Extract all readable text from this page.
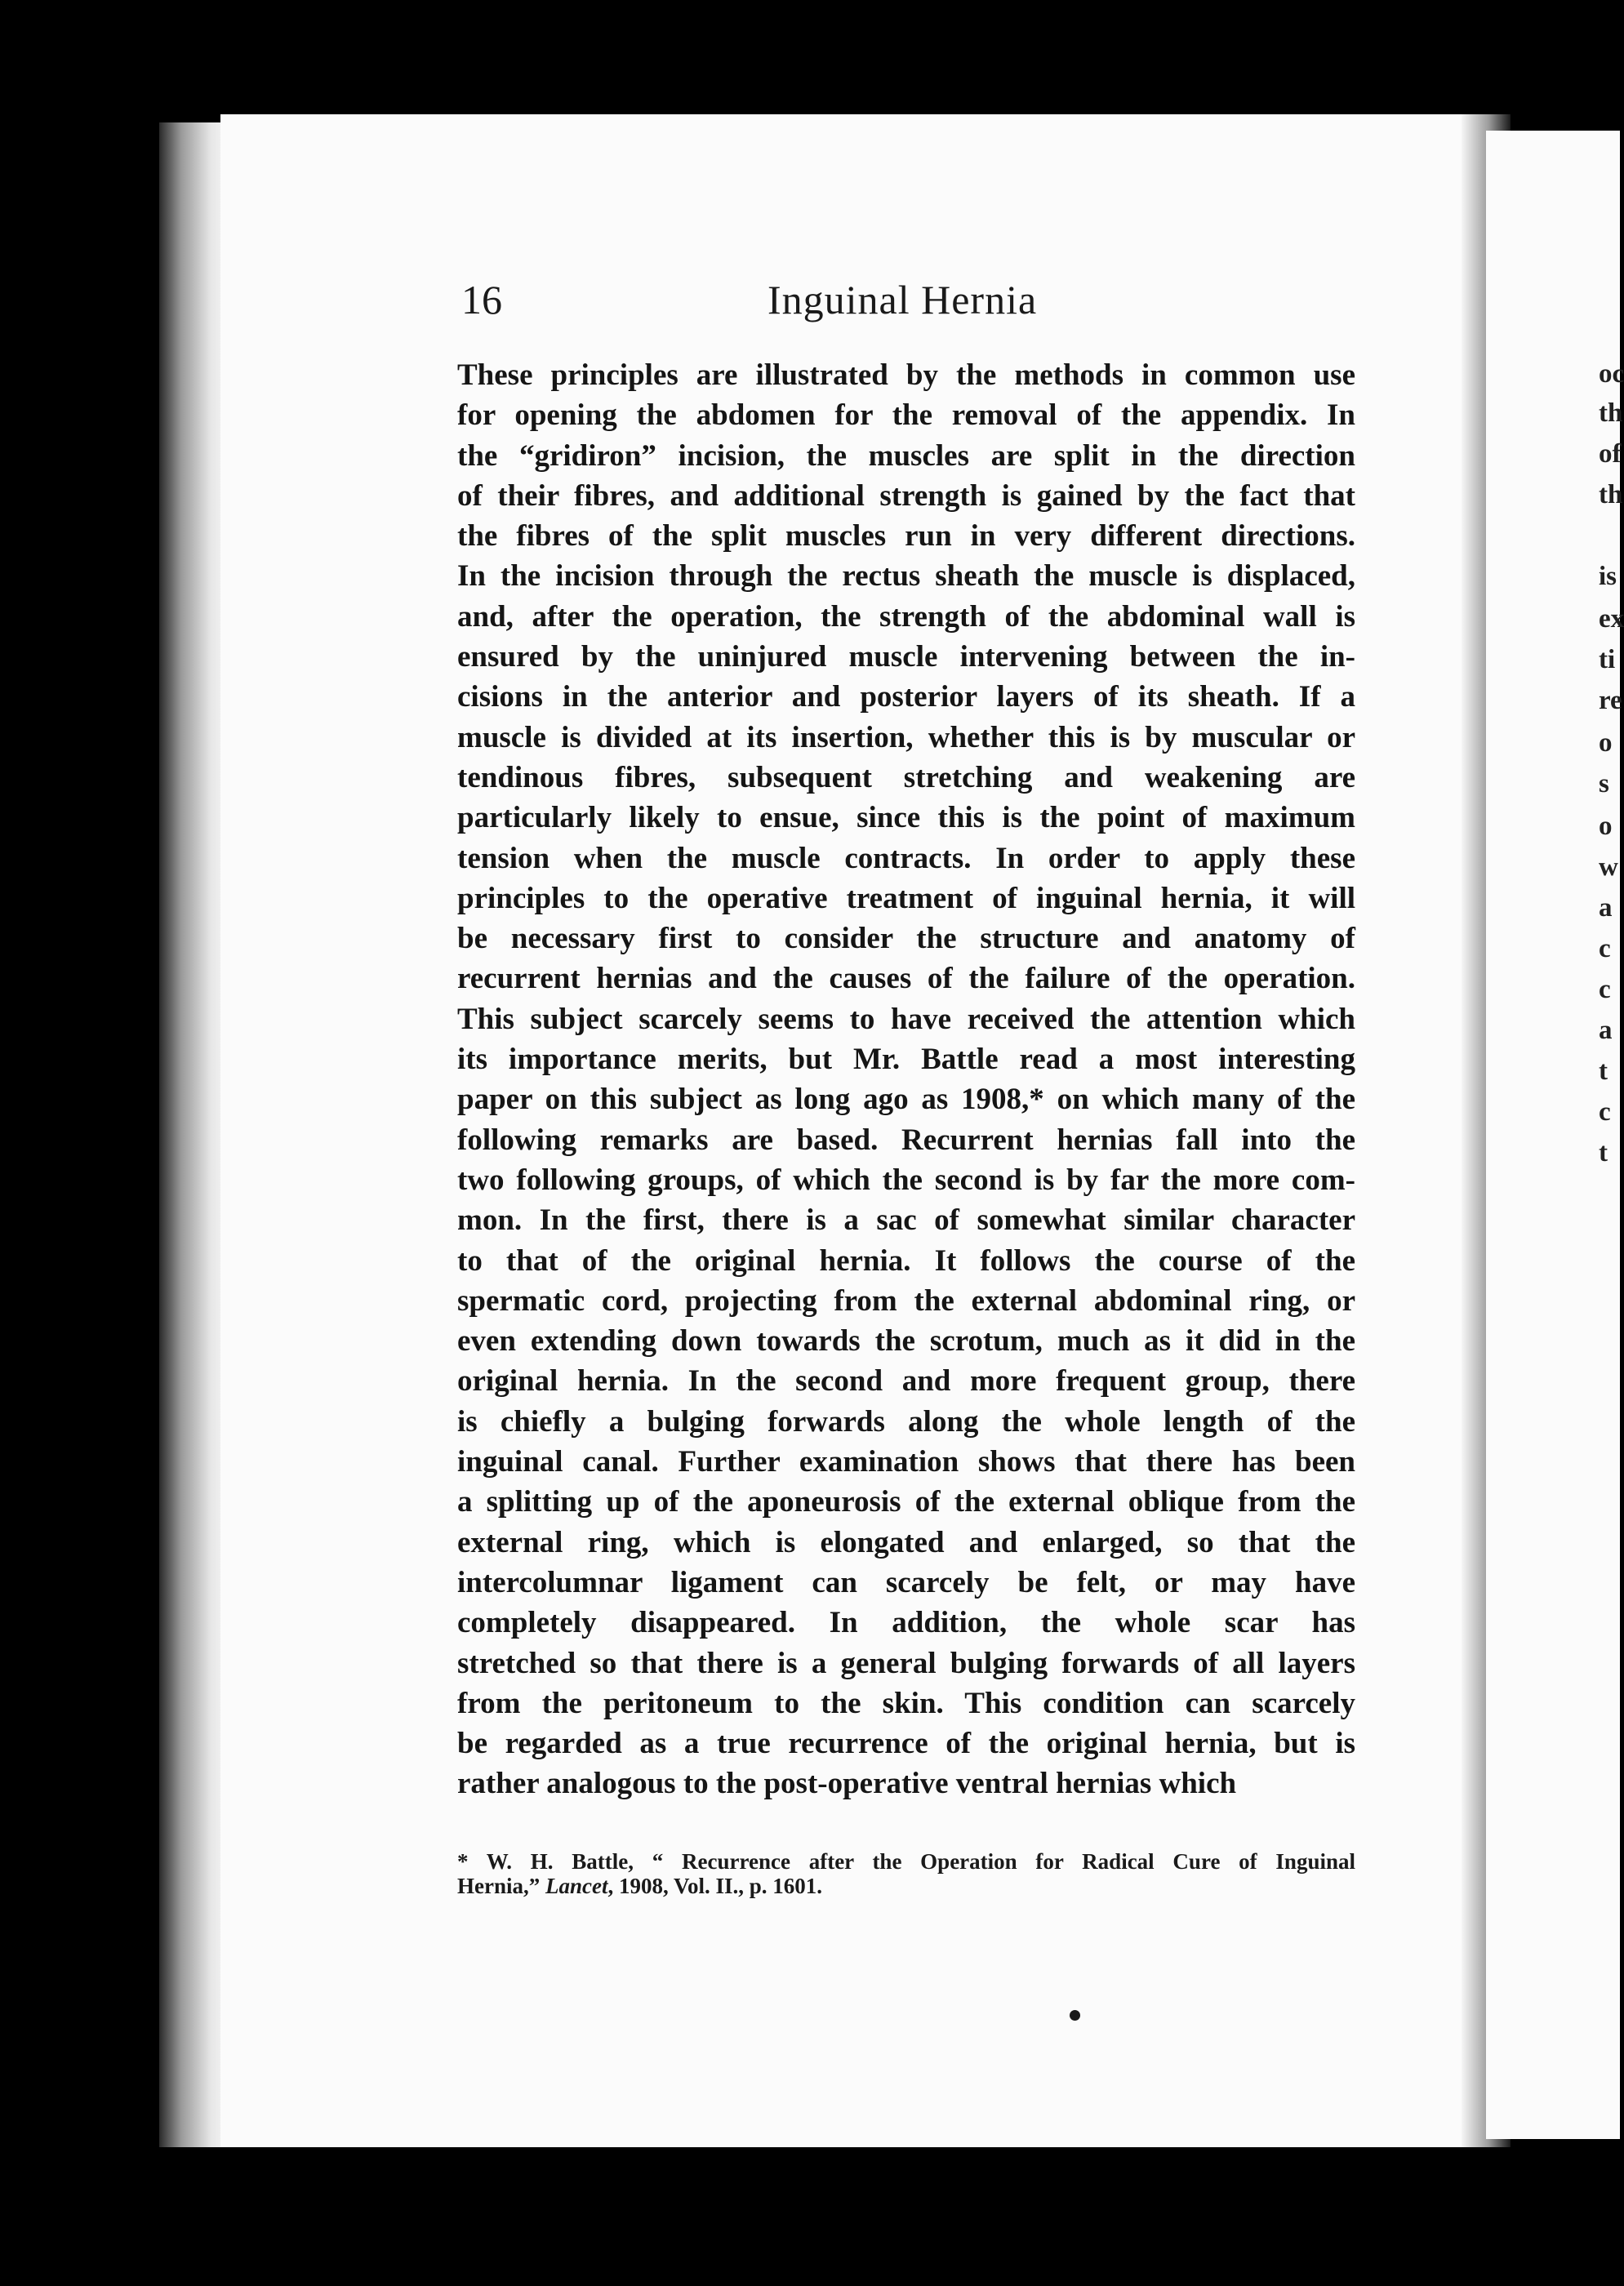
16	Inguinal Hernia
These principles are illustrated by the methods in common use
for opening the abdomen for the removal of the appendix. In
the “gridiron” incision, the muscles are split in the direction
of their fibres, and additional strength is gained by the fact that
the fibres of the split muscles run in very different directions.
In the incision through the rectus sheath the muscle is displaced,
and, after the operation, the strength of the abdominal wall is
ensured by the uninjured muscle intervening between the in-
cisions in the anterior and posterior layers of its sheath. If a
muscle is divided at its insertion, whether this is by muscular or
tendinous fibres, subsequent stretching and weakening are
particularly likely to ensue, since this is the point of maximum
tension when the muscle contracts. In order to apply these
principles to the operative treatment of inguinal hernia, it will
be necessary first to consider the structure and anatomy of
recurrent hernias and the causes of the failure of the operation.
This subject scarcely seems to have received the attention which
its importance merits, but Mr. Battle read a most interesting
paper on this subject as long ago as 1908,* on which many of the
following remarks are based. Recurrent hernias fall into the
two following groups, of which the second is by far the more com-
mon. In the first, there is a sac of somewhat similar character
to that of the original hernia. It follows the course of the
spermatic cord, projecting from the external abdominal ring, or
even extending down towards the scrotum, much as it did in the
original hernia. In the second and more frequent group, there
is chiefly a bulging forwards along the whole length of the
inguinal canal. Further examination shows that there has been
a splitting up of the aponeurosis of the external oblique from the
external ring, which is elongated and enlarged, so that the
intercolumnar ligament can scarcely be felt, or may have
completely disappeared. In addition, the whole scar has
stretched so that there is a general bulging forwards of all layers
from the peritoneum to the skin. This condition can scarcely
be regarded as a true recurrence of the original hernia, but is
rather analogous to the post-operative ventral hernias which
* W. H. Battle, “ Recurrence after the Operation for Radical Cure of Inguinal
Hernia,” Lancet, 1908, Vol. II., p. 1601.
oc
th
of
th
is
ex
ti
re
o
s
o
w
a
c
c
a
t
c
t
